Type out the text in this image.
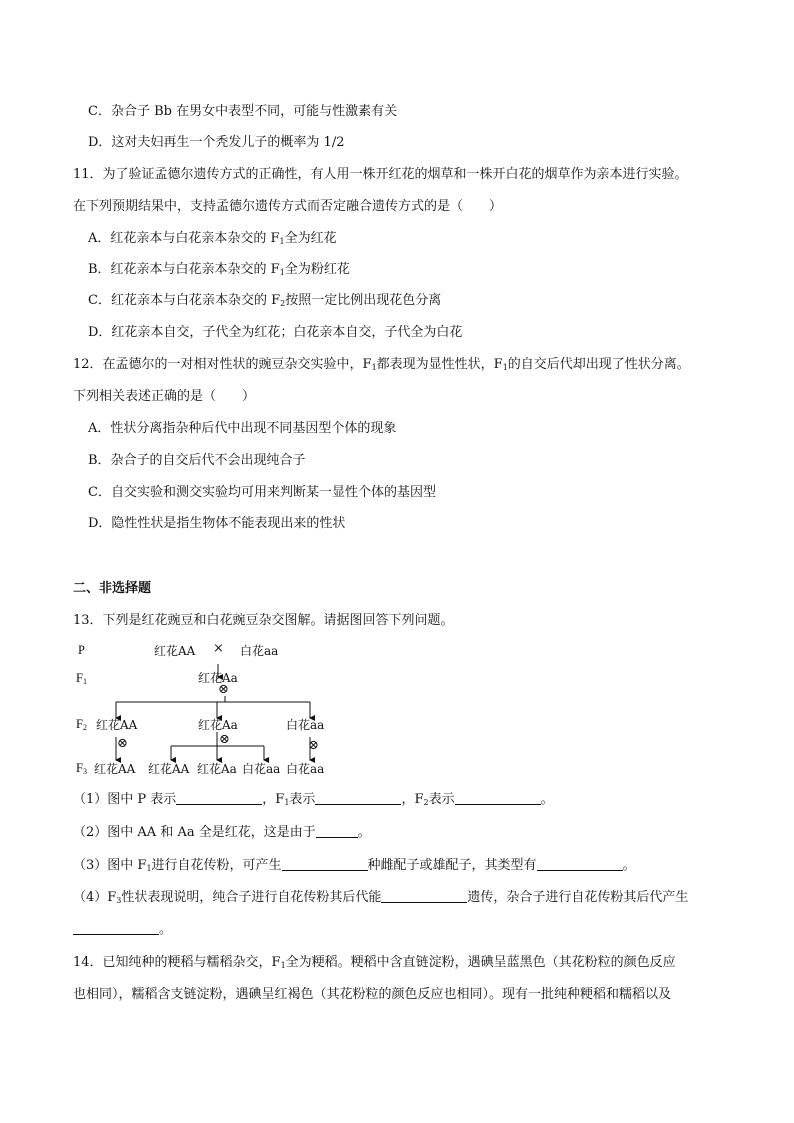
C．杂合子 Bb 在男女中表型不同，可能与性激素有关
D．这对夫妇再生一个秃发儿子的概率为 1/2
11．为了验证孟德尔遗传方式的正确性，有人用一株开红花的烟草和一株开白花的烟草作为亲本进行实验。
在下列预期结果中，支持孟德尔遗传方式而否定融合遗传方式的是（　　）
A．红花亲本与白花亲本杂交的 $F_1$全为红花
B．红花亲本与白花亲本杂交的 $F_1$全为粉红花
C．红花亲本与白花亲本杂交的 $F_2$按照一定比例出现花色分离
D．红花亲本自交，子代全为红花；白花亲本自交，子代全为白花
12．在孟德尔的一对相对性状的豌豆杂交实验中，$F_1$都表现为显性性状，$F_1$的自交后代却出现了性状分离。
下列相关表述正确的是（　　）
A．性状分离指杂种后代中出现不同基因型个体的现象
B．杂合子的自交后代不会出现纯合子
C．自交实验和测交实验均可用来判断某一显性个体的基因型
D．隐性性状是指生物体不能表现出来的性状
二、非选择题
13．下列是红花豌豆和白花豌豆杂交图解。请据图回答下列问题。
P
$F_1$
$F_2$
$F_3$
红花AA × 白花aa
红花Aa
⊗
红花AA	红花Aa	白花aa
⊗	⊗	⊗
红花AA 红花AA 红花Aa 白花aa 白花aa
（1）图中 P 表示	，$F_1$表示	，$F_2$表示	。
（2）图中 AA 和 Aa 全是红花，这是由于	。
（3）图中 $F_1$进行自花传粉，可产生	种雌配子或雄配子，其类型有	。
$(4)F_3$性状表现说明，纯合子进行自花传粉其后代能	遗传，杂合子进行自花传粉其后代产生
。
14．已知纯种的粳稻与糯稻杂交，$F_1$全为粳稻。粳稻中含直链淀粉，遇碘呈蓝黑色（其花粉粒的颜色反应
也相同），糯稻含支链淀粉，遇碘呈红褐色（其花粉粒的颜色反应也相同）。现有一批纯种粳稻和糯稻以及
